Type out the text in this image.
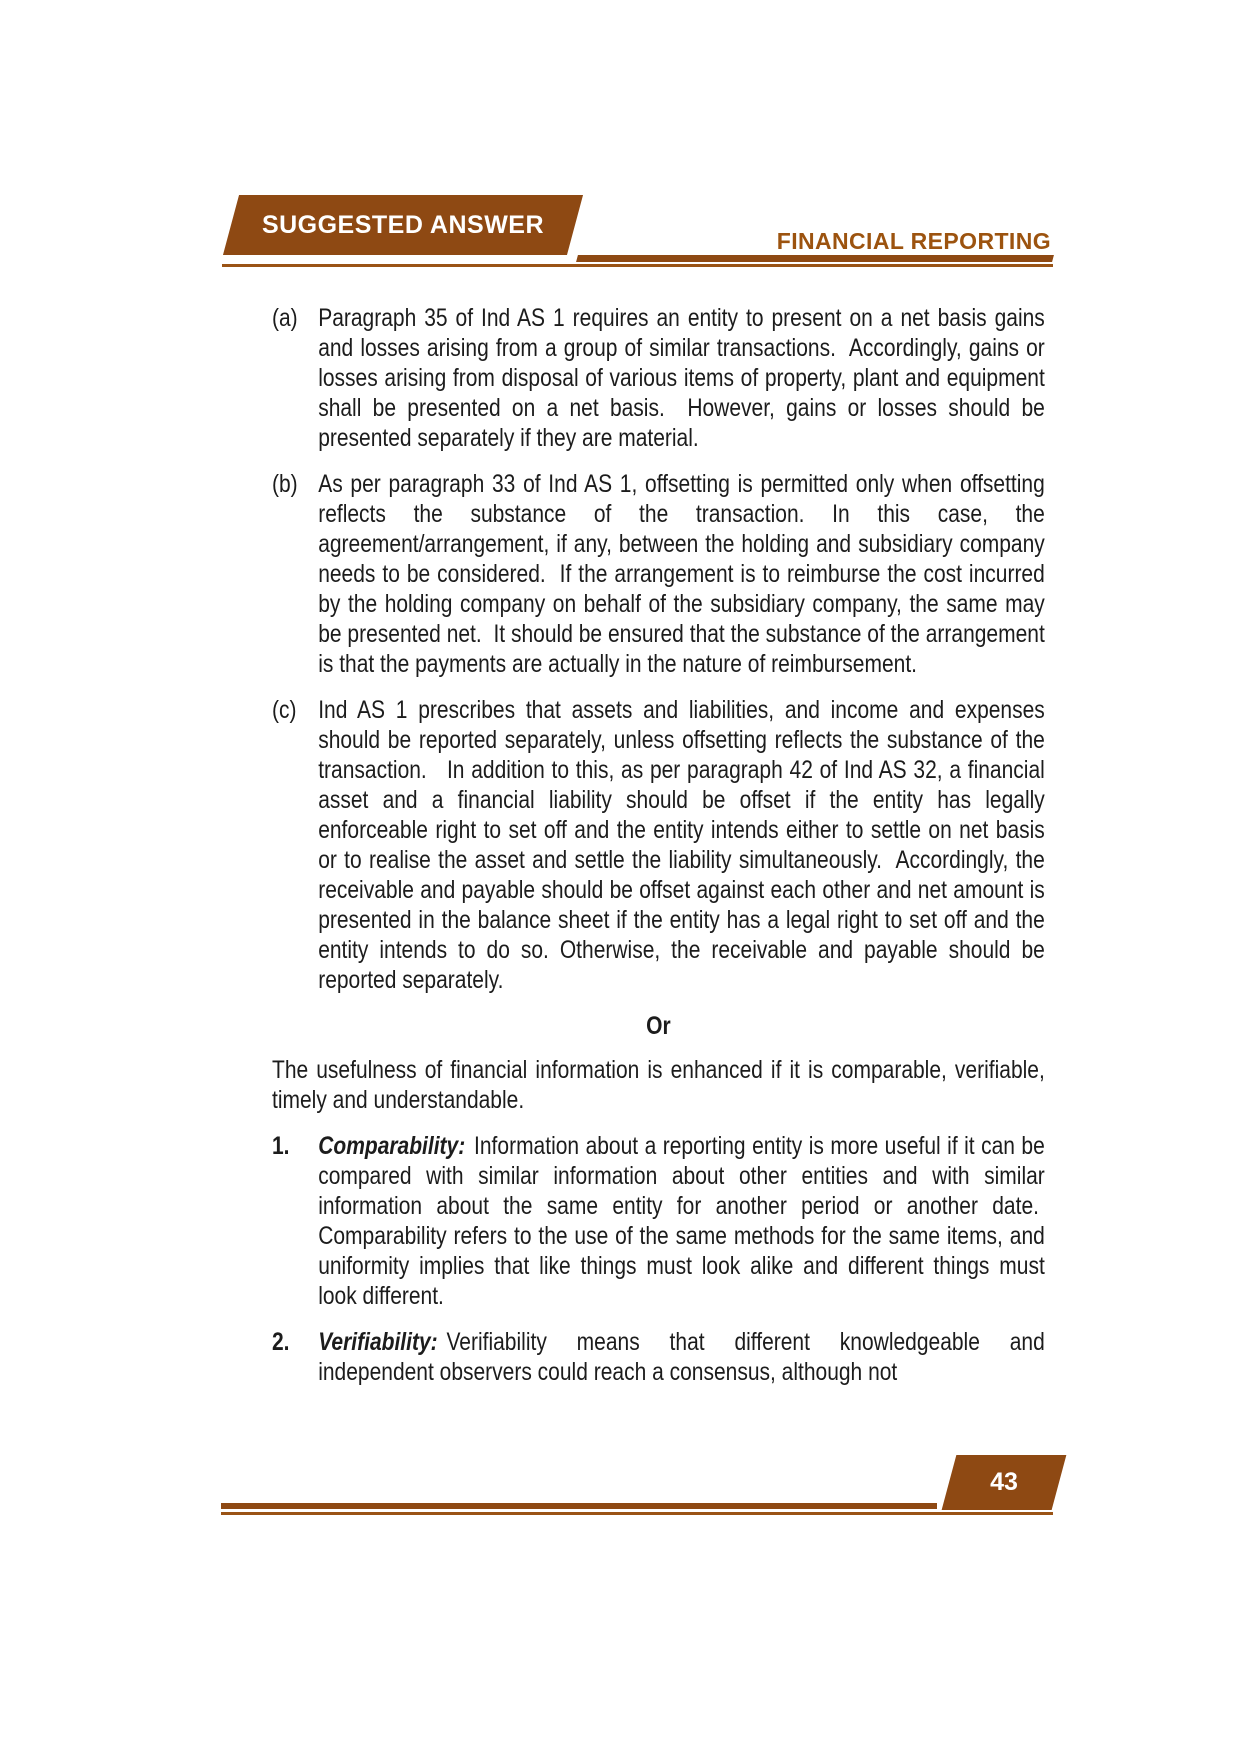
SUGGESTED ANSWER
FINANCIAL REPORTING
(a) Paragraph 35 of Ind AS 1 requires an entity to present on a net basis gains and losses arising from a group of similar transactions.  Accordingly, gains or losses arising from disposal of various items of property, plant and equipment shall be presented on a net basis.  However, gains or losses should be presented separately if they are material.
(b) As per paragraph 33 of Ind AS 1, offsetting is permitted only when offsetting reflects the substance of the transaction. In this case, the agreement/arrangement, if any, between the holding and subsidiary company needs to be considered.  If the arrangement is to reimburse the cost incurred by the holding company on behalf of the subsidiary company, the same may be presented net.  It should be ensured that the substance of the arrangement is that the payments are actually in the nature of reimbursement.
(c) Ind AS 1 prescribes that assets and liabilities, and income and expenses should be reported separately, unless offsetting reflects the substance of the transaction.   In addition to this, as per paragraph 42 of Ind AS 32, a financial asset and a financial liability should be offset if the entity has legally enforceable right to set off and the entity intends either to settle on net basis or to realise the asset and settle the liability simultaneously.  Accordingly, the receivable and payable should be offset against each other and net amount is presented in the balance sheet if the entity has a legal right to set off and the entity intends to do so. Otherwise, the receivable and payable should be reported separately.
Or
The usefulness of financial information is enhanced if it is comparable, verifiable, timely and understandable.
1. Comparability: Information about a reporting entity is more useful if it can be compared with similar information about other entities and with similar information about the same entity for another period or another date.  Comparability refers to the use of the same methods for the same items, and uniformity implies that like things must look alike and different things must look different.
2. Verifiability: Verifiability means that different knowledgeable and independent observers could reach a consensus, although not
43
